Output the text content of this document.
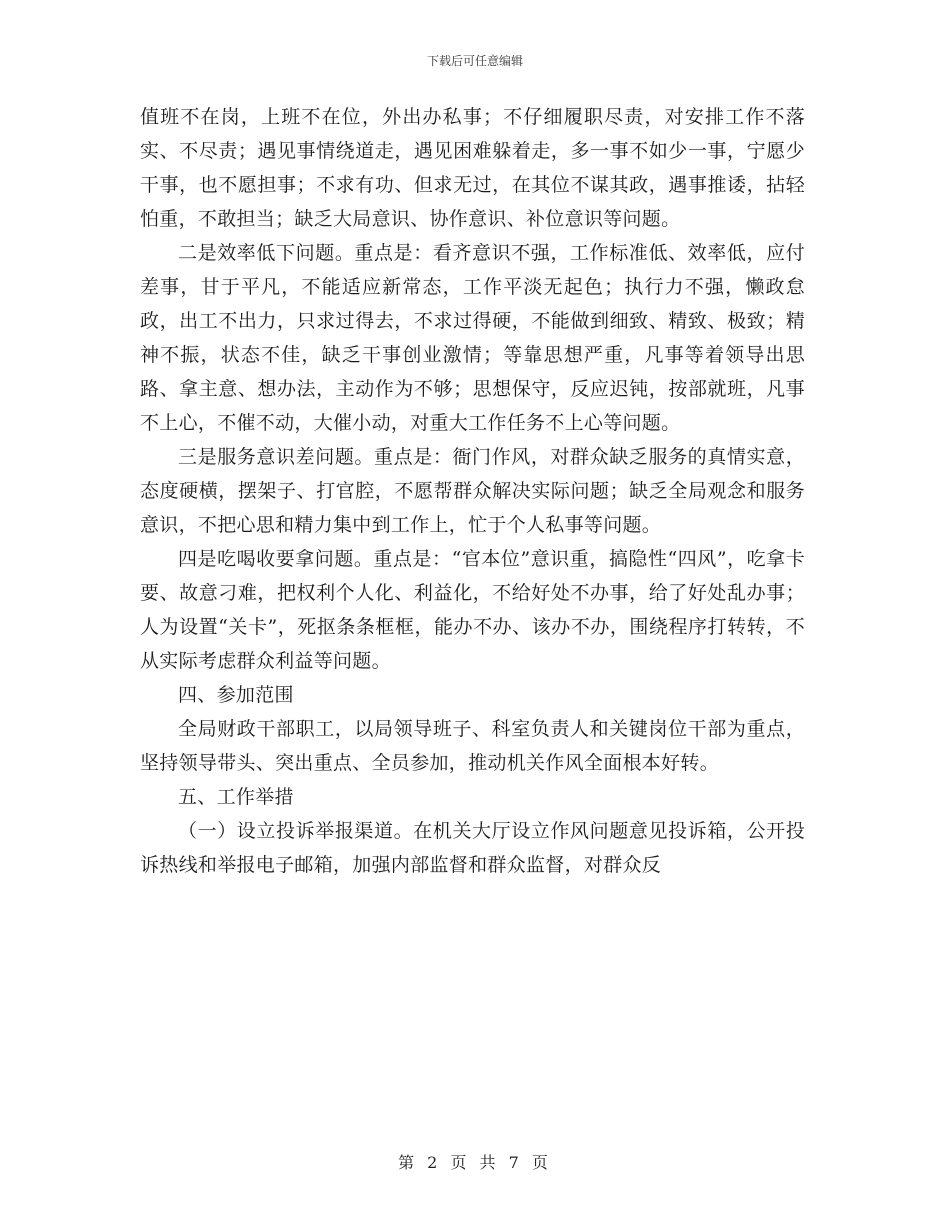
下载后可任意编辑

值班不在岗，上班不在位，外出办私事；不仔细履职尽责，对安排工作不落实、不尽责；遇见事情绕道走，遇见困难躲着走，多一事不如少一事，宁愿少干事，也不愿担事；不求有功、但求无过，在其位不谋其政，遇事推诿，拈轻怕重，不敢担当；缺乏大局意识、协作意识、补位意识等问题。

二是效率低下问题。重点是：看齐意识不强，工作标准低、效率低，应付差事，甘于平凡，不能适应新常态，工作平淡无起色；执行力不强，懒政怠政，出工不出力，只求过得去，不求过得硬，不能做到细致、精致、极致；精神不振，状态不佳，缺乏干事创业激情；等靠思想严重，凡事等着领导出思路、拿主意、想办法，主动作为不够；思想保守，反应迟钝，按部就班，凡事不上心，不催不动，大催小动，对重大工作任务不上心等问题。

三是服务意识差问题。重点是：衙门作风，对群众缺乏服务的真情实意，态度硬横，摆架子、打官腔，不愿帮群众解决实际问题；缺乏全局观念和服务意识，不把心思和精力集中到工作上，忙于个人私事等问题。

四是吃喝收要拿问题。重点是：“官本位”意识重，搞隐性“四风”，吃拿卡要、故意刁难，把权利个人化、利益化，不给好处不办事，给了好处乱办事；人为设置“关卡”，死抠条条框框，能办不办、该办不办，围绕程序打转转，不从实际考虑群众利益等问题。

四、参加范围

全局财政干部职工，以局领导班子、科室负责人和关键岗位干部为重点，坚持领导带头、突出重点、全员参加，推动机关作风全面根本好转。

五、工作举措

（一）设立投诉举报渠道。在机关大厅设立作风问题意见投诉箱，公开投诉热线和举报电子邮箱，加强内部监督和群众监督，对群众反

第 2 页 共 7 页
